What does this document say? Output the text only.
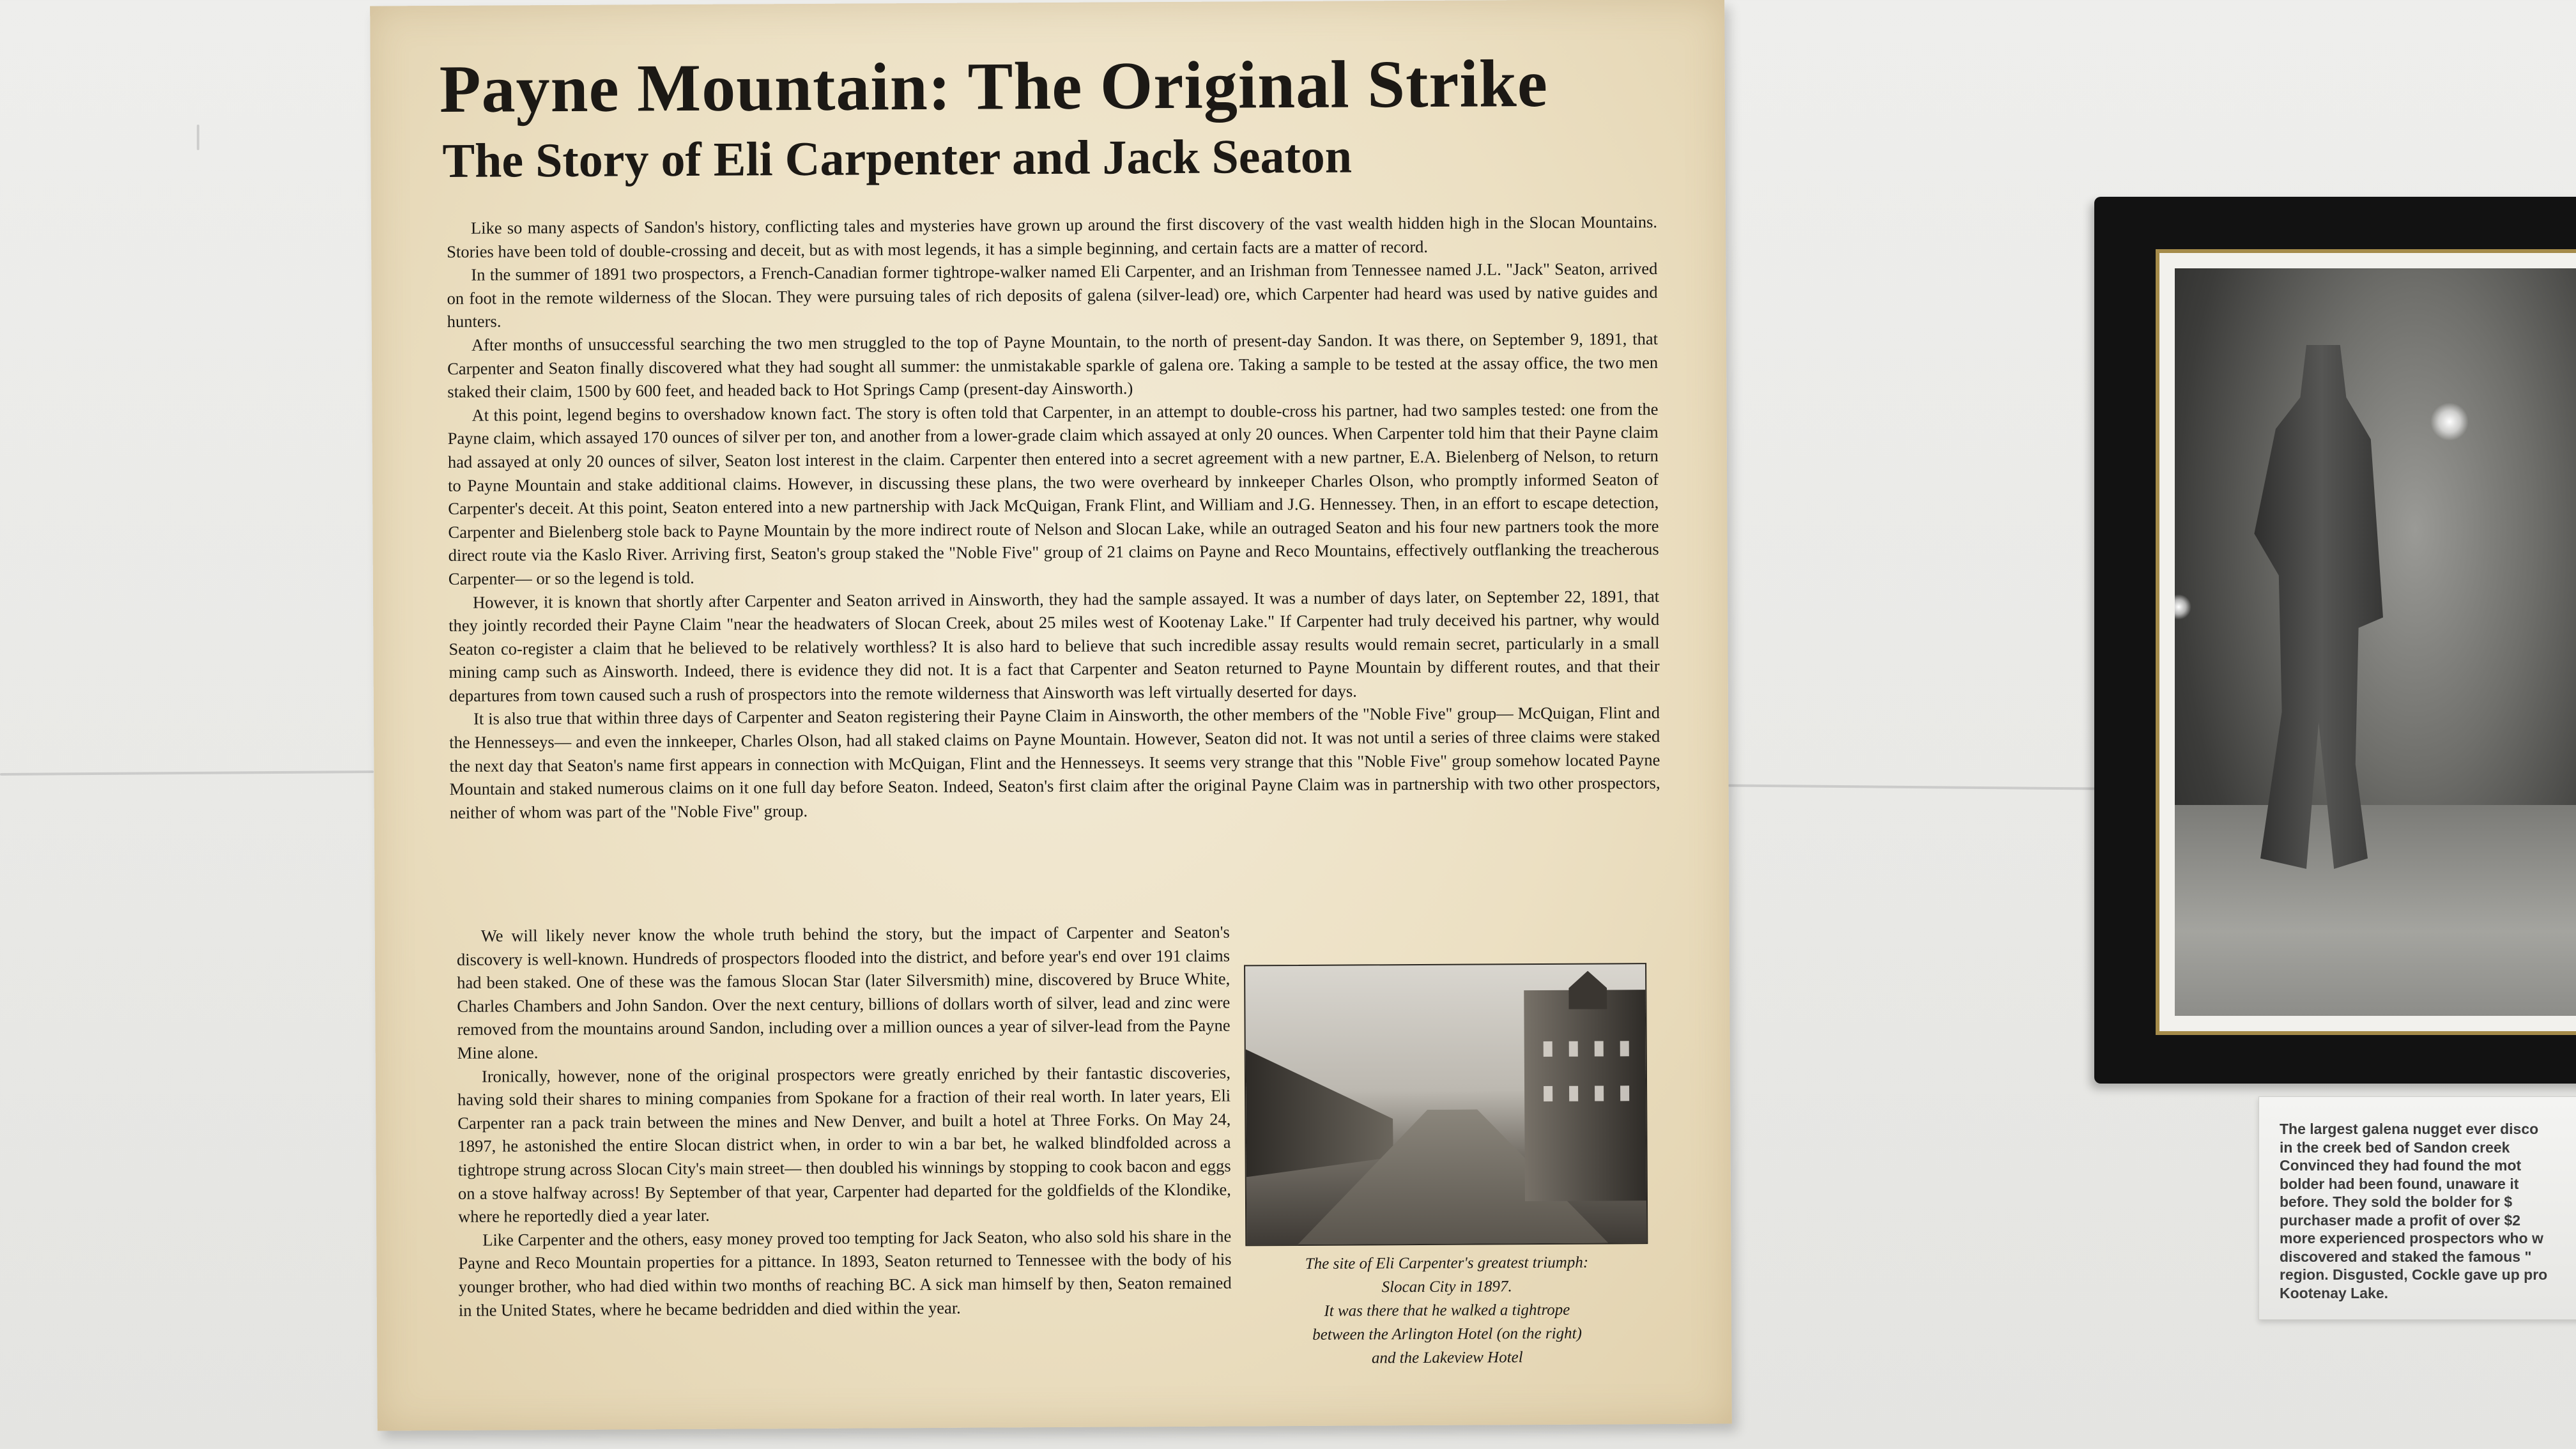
Payne Mountain: The Original Strike
The Story of Eli Carpenter and Jack Seaton

Like so many aspects of Sandon's history, conflicting tales and mysteries have grown up around the first discovery of the vast wealth hidden high in the Slocan Mountains. Stories have been told of double-crossing and deceit, but as with most legends, it has a simple beginning, and certain facts are a matter of record.

In the summer of 1891 two prospectors, a French-Canadian former tightrope-walker named Eli Carpenter, and an Irishman from Tennessee named J.L. "Jack" Seaton, arrived on foot in the remote wilderness of the Slocan. They were pursuing tales of rich deposits of galena (silver-lead) ore, which Carpenter had heard was used by native guides and hunters.

After months of unsuccessful searching the two men struggled to the top of Payne Mountain, to the north of present-day Sandon. It was there, on September 9, 1891, that Carpenter and Seaton finally discovered what they had sought all summer: the unmistakable sparkle of galena ore. Taking a sample to be tested at the assay office, the two men staked their claim, 1500 by 600 feet, and headed back to Hot Springs Camp (present-day Ainsworth.)

At this point, legend begins to overshadow known fact. The story is often told that Carpenter, in an attempt to double-cross his partner, had two samples tested: one from the Payne claim, which assayed 170 ounces of silver per ton, and another from a lower-grade claim which assayed at only 20 ounces. When Carpenter told him that their Payne claim had assayed at only 20 ounces of silver, Seaton lost interest in the claim. Carpenter then entered into a secret agreement with a new partner, E.A. Bielenberg of Nelson, to return to Payne Mountain and stake additional claims. However, in discussing these plans, the two were overheard by innkeeper Charles Olson, who promptly informed Seaton of Carpenter's deceit. At this point, Seaton entered into a new partnership with Jack McQuigan, Frank Flint, and William and J.G. Hennessey. Then, in an effort to escape detection, Carpenter and Bielenberg stole back to Payne Mountain by the more indirect route of Nelson and Slocan Lake, while an outraged Seaton and his four new partners took the more direct route via the Kaslo River. Arriving first, Seaton's group staked the "Noble Five" group of 21 claims on Payne and Reco Mountains, effectively outflanking the treacherous Carpenter— or so the legend is told.

However, it is known that shortly after Carpenter and Seaton arrived in Ainsworth, they had the sample assayed. It was a number of days later, on September 22, 1891, that they jointly recorded their Payne Claim "near the headwaters of Slocan Creek, about 25 miles west of Kootenay Lake." If Carpenter had truly deceived his partner, why would Seaton co-register a claim that he believed to be relatively worthless? It is also hard to believe that such incredible assay results would remain secret, particularly in a small mining camp such as Ainsworth. Indeed, there is evidence they did not. It is a fact that Carpenter and Seaton returned to Payne Mountain by different routes, and that their departures from town caused such a rush of prospectors into the remote wilderness that Ainsworth was left virtually deserted for days.

It is also true that within three days of Carpenter and Seaton registering their Payne Claim in Ainsworth, the other members of the "Noble Five" group— McQuigan, Flint and the Hennesseys— and even the innkeeper, Charles Olson, had all staked claims on Payne Mountain. However, Seaton did not. It was not until a series of three claims were staked the next day that Seaton's name first appears in connection with McQuigan, Flint and the Hennesseys. It seems very strange that this "Noble Five" group somehow located Payne Mountain and staked numerous claims on it one full day before Seaton. Indeed, Seaton's first claim after the original Payne Claim was in partnership with two other prospectors, neither of whom was part of the "Noble Five" group.

We will likely never know the whole truth behind the story, but the impact of Carpenter and Seaton's discovery is well-known. Hundreds of prospectors flooded into the district, and before year's end over 191 claims had been staked. One of these was the famous Slocan Star (later Silversmith) mine, discovered by Bruce White, Charles Chambers and John Sandon. Over the next century, billions of dollars worth of silver, lead and zinc were removed from the mountains around Sandon, including over a million ounces a year of silver-lead from the Payne Mine alone.

Ironically, however, none of the original prospectors were greatly enriched by their fantastic discoveries, having sold their shares to mining companies from Spokane for a fraction of their real worth. In later years, Eli Carpenter ran a pack train between the mines and New Denver, and built a hotel at Three Forks. On May 24, 1897, he astonished the entire Slocan district when, in order to win a bar bet, he walked blindfolded across a tightrope strung across Slocan City's main street— then doubled his winnings by stopping to cook bacon and eggs on a stove halfway across! By September of that year, Carpenter had departed for the goldfields of the Klondike, where he reportedly died a year later.

Like Carpenter and the others, easy money proved too tempting for Jack Seaton, who also sold his share in the Payne and Reco Mountain properties for a pittance. In 1893, Seaton returned to Tennessee with the body of his younger brother, who had died within two months of reaching BC. A sick man himself by then, Seaton remained in the United States, where he became bedridden and died within the year.

The site of Eli Carpenter's greatest triumph:
Slocan City in 1897.
It was there that he walked a tightrope
between the Arlington Hotel (on the right)
and the Lakeview Hotel
The largest galena nugget ever disco
in the creek bed of Sandon creek
Convinced they had found the mot
bolder had been found, unaware it
before. They sold the bolder for $
purchaser made a profit of over $2
more experienced prospectors who w
discovered and staked the famous "
region. Disgusted, Cockle gave up pro
Kootenay Lake.
